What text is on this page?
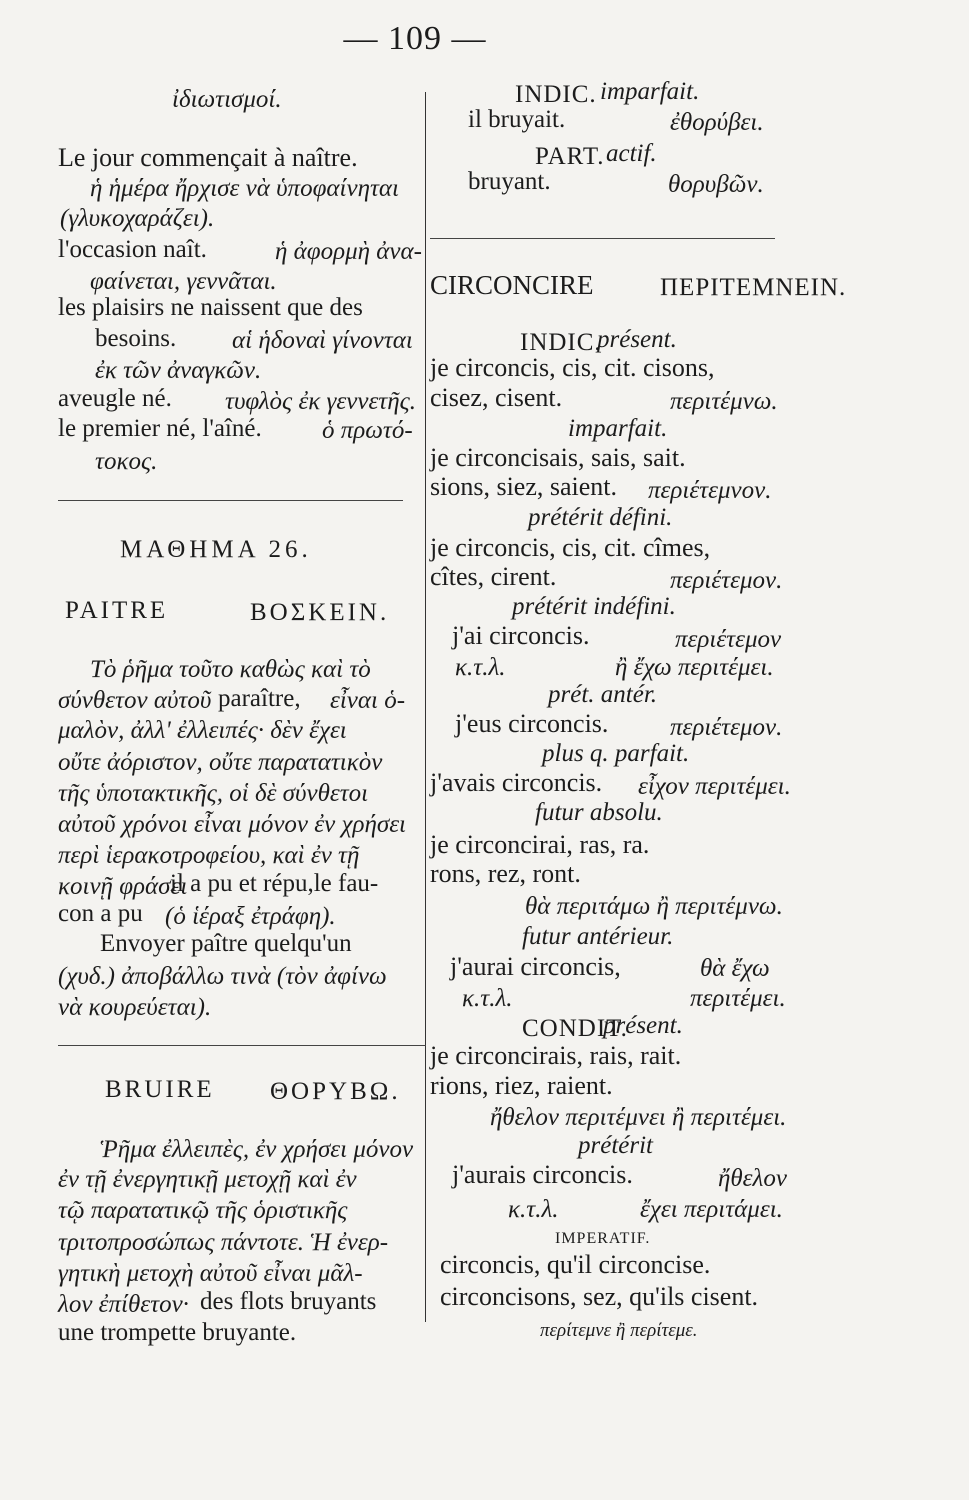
— 109 —
ἰδιωτισμοί.
Le jour commençait à naître.
ἡ ἡμέρα ἤρχισε νὰ ὑποφαίνηται
(γλυκοχαράζει).
l'occasion naît.	ἡ ἀφορμὴ ἀνα-
φαίνεται, γεννᾶται.
les plaisirs ne naissent que des
besoins. αἱ ἡδοναὶ γίνονται
ἐκ τῶν ἀναγκῶν.
aveugle né. τυφλὸς ἐκ γεννετῆς.
le premier né, l'aîné. ὁ πρωτό-
τοκος.
ΜΑΘΗΜΑ 26.
PAITRE	ΒΟΣΚΕΙΝ.
Τὸ ῥῆμα τοῦτο καθὼς καὶ τὸ
σύνθετον αὐτοῦ paraître, εἶναι ὁ-
μαλὸν, ἀλλ' ἐλλειπές· δὲν ἔχει
οὔτε ἀόριστον, οὔτε παρατατικὸν
τῆς ὑποτακτικῆς, οἱ δὲ σύνθετοι
αὐτοῦ χρόνοι εἶναι μόνον ἐν χρήσει
περὶ ἱερακοτροφείου, καὶ ἐν τῇ
κοινῇ φράσει
il a pu et répu,le fau-
con a pu (ὁ ἱέραξ ἐτράφη).
Envoyer paître quelqu'un
(χυδ.) ἀποβάλλω τινὰ (τὸν ἀφίνω
νὰ κουρεύεται).
BRUIRE ΘΟΡΥΒΩ.
Ῥῆμα ἐλλειπὲς, ἐν χρήσει μόνον
ἐν τῇ ἐνεργητικῇ μετοχῇ καὶ ἐν
τῷ παρατατικῷ τῆς ὁριστικῆς
τριτοπροσώπως πάντοτε. Ἡ ἐνερ-
γητικὴ μετοχὴ αὐτοῦ εἶναι μᾶλ-
λον ἐπίθετον· des flots bruyants
une trompette bruyante.
INDIC. imparfait.
il bruyait.	ἐθορύβει.
PART. actif.
bruyant.	θορυβῶν.
CIRCONCIRE	ΠΕΡΙΤΕΜΝΕΙΝ.
INDIC.
présent.
je circoncis, cis, cit. cisons,
cisez, cisent.	περιτέμνω.
imparfait.
je circoncisais, sais, sait.
sions, siez, saient. περιέτεμνον.
prétérit défini.
je circoncis, cis, cit. cîmes,
cîtes, cirent.	περιέτεμον.
prétérit indéfini.
j'ai circoncis.	περιέτεμον
κ.τ.λ.	ἢ ἔχω περιτέμει.
prét. antér.
j'eus circoncis. περιέτεμον.
plus q. parfait.
j'avais circoncis. εἶχον περιτέμει.
futur absolu.
je circoncirai, ras, ra.
rons, rez, ront.
θὰ περιτάμω ἢ περιτέμνω.
futur antérieur.
j'aurai circoncis,	θὰ ἔχω
κ.τ.λ.	περιτέμει.
CONDIT.
présent.
je circoncirais, rais, rait.
rions, riez, raient.
ἤθελον περιτέμνει ἢ περιτέμει.
prétérit
j'aurais circoncis.	ἤθελον
κ.τ.λ.	ἔχει περιτάμει.
IMPERATIF.
circoncis, qu'il circoncise.
circoncisons, sez, qu'ils cisent.
περίτεμνε ἢ περίτεμε.
